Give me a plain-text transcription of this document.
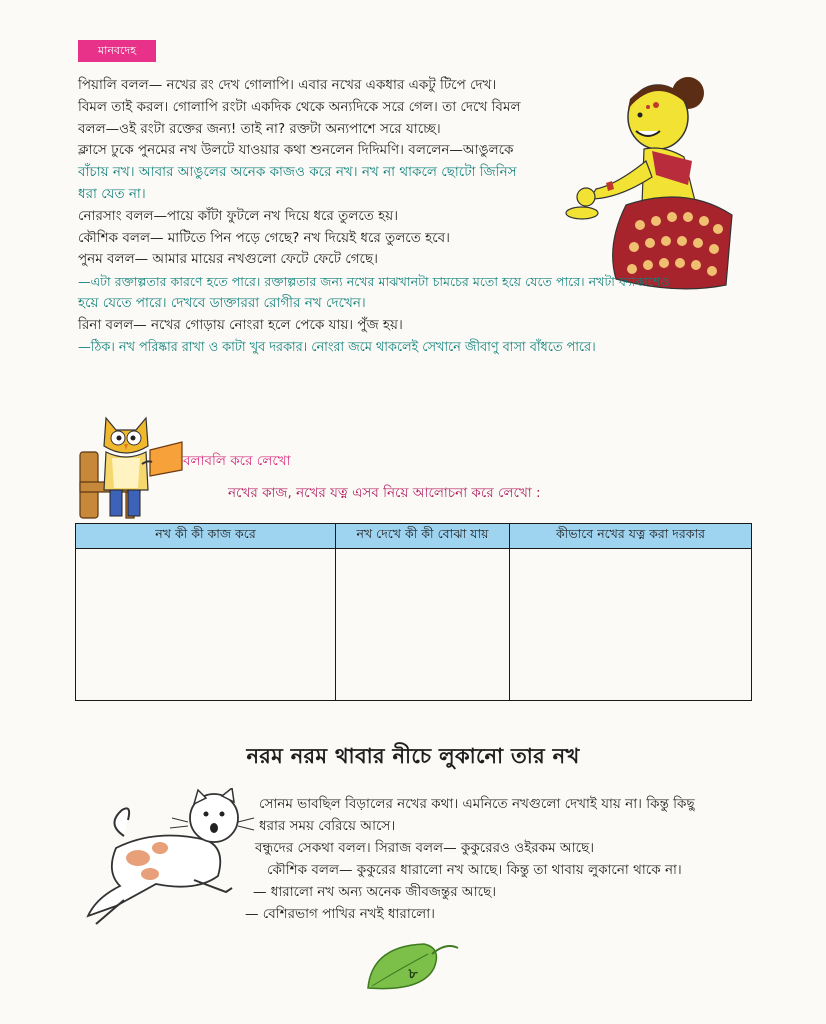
মানবদেহ
পিয়ালি বলল— নখের রং দেখ গোলাপি। এবার নখের একধার একটু টিপে দেখ।
বিমল তাই করল। গোলাপি রংটা একদিক থেকে অন্যদিকে সরে গেল। তা দেখে বিমল
বলল—ওই রংটা রক্তের জন্য! তাই না? রক্তটা অন্যপাশে সরে যাচ্ছে।
ক্লাসে ঢুকে পুনমের নখ উলটে যাওয়ার কথা শুনলেন দিদিমণি। বললেন—আঙুলকে
বাঁচায় নখ। আবার আঙুলের অনেক কাজও করে নখ। নখ না থাকলে ছোটো জিনিস
ধরা যেত না।
নোরসাং বলল—পায়ে কাঁটা ফুটলে নখ দিয়ে ধরে তুলতে হয়।
কৌশিক বলল— মাটিতে পিন পড়ে গেছে? নখ দিয়েই ধরে তুলতে হবে।
পুনম বলল— আমার মায়ের নখগুলো ফেটে ফেটে গেছে।
—এটা রক্তাল্পতার কারণে হতে পারে। রক্তাল্পতার জন্য নখের মাঝখানটা চামচের মতো হয়ে যেতে পারে। নখটা ফ্যাকাশেও
হয়ে যেতে পারে। দেখবে ডাক্তাররা রোগীর নখ দেখেন।
রিনা বলল— নখের গোড়ায় নোংরা হলে পেকে যায়। পুঁজ হয়।
—ঠিক। নখ পরিষ্কার রাখা ও কাটা খুব দরকার। নোংরা জমে থাকলেই সেখানে জীবাণু বাসা বাঁধতে পারে।
বলাবলি করে লেখো
নখের কাজ, নখের যত্ন এসব নিয়ে আলোচনা করে লেখো :
নখ কী কী কাজ করে	নখ দেখে কী কী বোঝা যায়	কীভাবে নখের যত্ন করা দরকার

নরম নরম থাবার নীচে লুকানো তার নখ
সোনম ভাবছিল বিড়ালের নখের কথা। এমনিতে নখগুলো দেখাই যায় না। কিন্তু কিছু
ধরার সময় বেরিয়ে আসে।
বন্ধুদের সেকথা বলল। সিরাজ বলল— কুকুরেরও ওইরকম আছে।
কৌশিক বলল— কুকুরের ধারালো নখ আছে। কিন্তু তা থাবায় লুকানো থাকে না।
— ধারালো নখ অন্য অনেক জীবজন্তুর আছে।
— বেশিরভাগ পাখির নখই ধারালো।
৮
